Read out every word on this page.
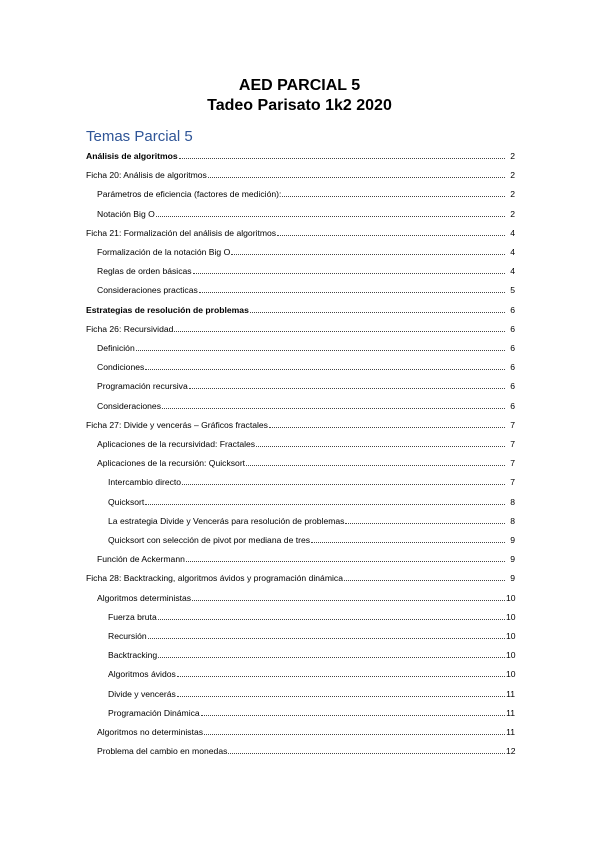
AED PARCIAL 5
Tadeo Parisato 1k2 2020
Temas Parcial 5
Análisis de algoritmos	2
Ficha 20: Análisis de algoritmos	2
Parámetros de eficiencia (factores de medición):	2
Notación Big O	2
Ficha 21: Formalización del análisis de algoritmos	4
Formalización de la notación Big O	4
Reglas de orden básicas	4
Consideraciones practicas	5
Estrategias de resolución de problemas	6
Ficha 26: Recursividad	6
Definición	6
Condiciones	6
Programación recursiva	6
Consideraciones	6
Ficha 27: Divide y vencerás – Gráficos fractales	7
Aplicaciones de la recursividad: Fractales	7
Aplicaciones de la recursión: Quicksort	7
Intercambio directo	7
Quicksort	8
La estrategia Divide y Vencerás para resolución de problemas	8
Quicksort con selección de pivot por mediana de tres	9
Función de Ackermann	9
Ficha 28: Backtracking, algoritmos ávidos y programación dinámica	9
Algoritmos deterministas	10
Fuerza bruta	10
Recursión	10
Backtracking	10
Algoritmos ávidos	10
Divide y vencerás	11
Programación Dinámica	11
Algoritmos no deterministas	11
Problema del cambio en monedas	12
